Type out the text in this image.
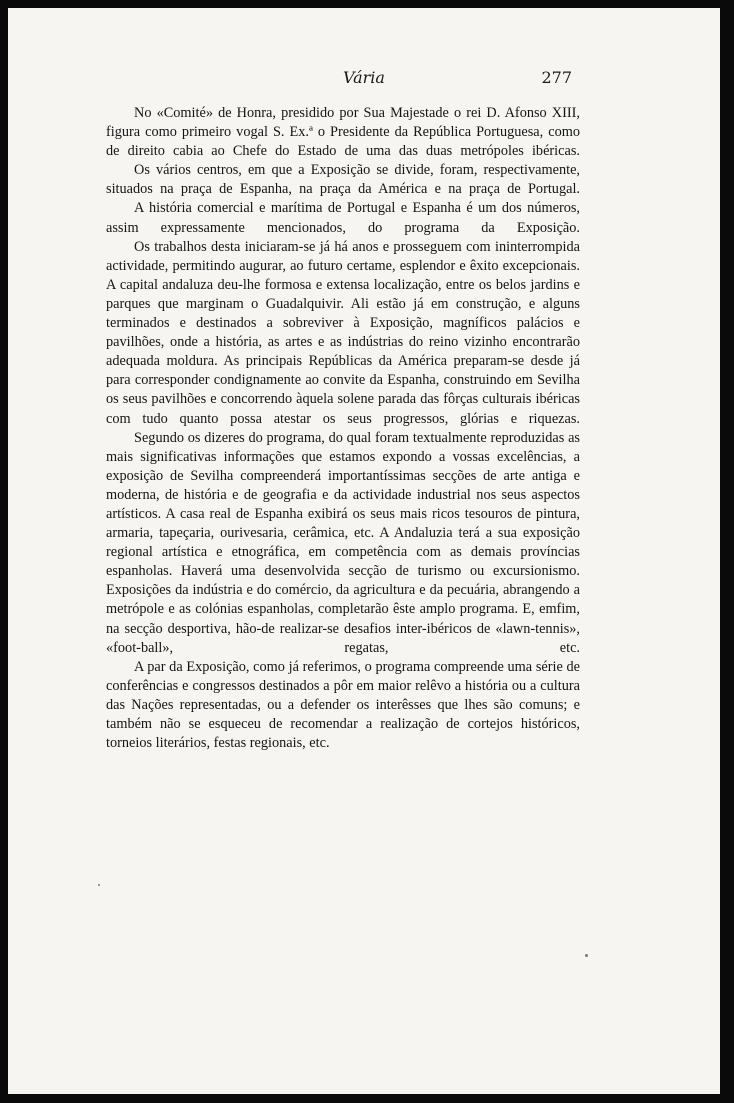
Vária	277

No «Comité» de Honra, presidido por Sua Majestade o rei D. Afonso XIII, figura como primeiro vogal S. Ex.ª o Presidente da República Portuguesa, como de direito cabia ao Chefe do Estado de uma das duas metrópoles ibéricas.

Os vários centros, em que a Exposição se divide, foram, respectivamente, situados na praça de Espanha, na praça da América e na praça de Portugal.

A história comercial e marítima de Portugal e Espanha é um dos números, assim expressamente mencionados, do programa da Exposição.

Os trabalhos desta iniciaram-se já há anos e prosseguem com ininterrompida actividade, permitindo augurar, ao futuro certame, esplendor e êxito excepcionais. A capital andaluza deu-lhe formosa e extensa localização, entre os belos jardins e parques que marginam o Guadalquivir. Ali estão já em construção, e alguns terminados e destinados a sobreviver à Exposição, magníficos palácios e pavilhões, onde a história, as artes e as indústrias do reino vizinho encontrarão adequada moldura. As principais Repúblicas da América preparam-se desde já para corresponder condignamente ao convite da Espanha, construindo em Sevilha os seus pavilhões e concorrendo àquela solene parada das fôrças culturais ibéricas com tudo quanto possa atestar os seus progressos, glórias e riquezas.

Segundo os dizeres do programa, do qual foram textualmente reproduzidas as mais significativas informações que estamos expondo a vossas excelências, a exposição de Sevilha compreenderá importantíssimas secções de arte antiga e moderna, de história e de geografia e da actividade industrial nos seus aspectos artísticos. A casa real de Espanha exibirá os seus mais ricos tesouros de pintura, armaria, tapeçaria, ourivesaria, cerâmica, etc. A Andaluzia terá a sua exposição regional artística e etnográfica, em competência com as demais províncias espanholas. Haverá uma desenvolvida secção de turismo ou excursionismo. Exposições da indústria e do comércio, da agricultura e da pecuária, abrangendo a metrópole e as colónias espanholas, completarão êste amplo programa. E, emfim, na secção desportiva, hão-de realizar-se desafios inter-ibéricos de «lawn-tennis», «foot-ball», regatas, etc.

A par da Exposição, como já referimos, o programa compreende uma série de conferências e congressos destinados a pôr em maior relêvo a história ou a cultura das Nações representadas, ou a defender os interêsses que lhes são comuns; e também não se esqueceu de recomendar a realização de cortejos históricos, torneios literários, festas regionais, etc.
